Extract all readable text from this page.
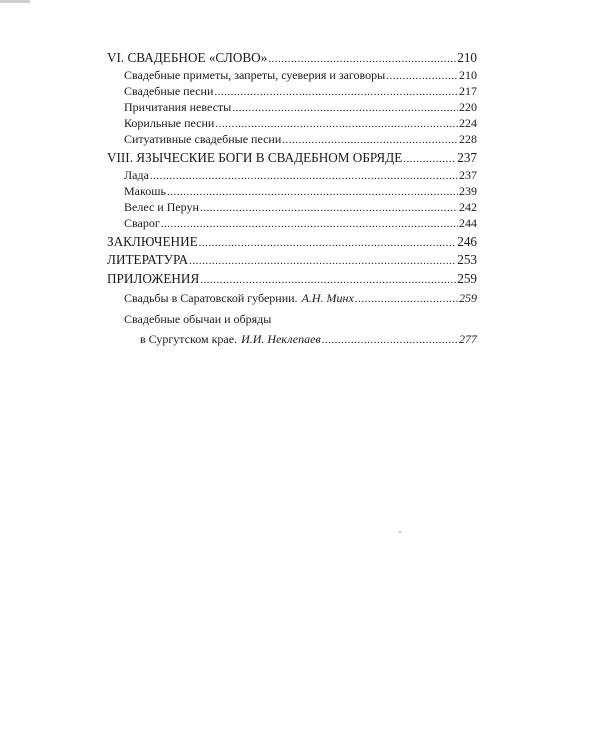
VI. СВАДЕБНОЕ «СЛОВО» .....	210
Свадебные приметы, запреты, суеверия и заговоры .....	210
Свадебные песни .....	217
Причитания невесты .....	220
Корильные песни .....	224
Ситуативные свадебные песни .....	228
VIII. ЯЗЫЧЕСКИЕ БОГИ В СВАДЕБНОМ ОБРЯДЕ .....	237
Лада .....	237
Макошь .....	239
Велес и Перун .....	242
Сварог .....	244
ЗАКЛЮЧЕНИЕ .....	246
ЛИТЕРАТУРА .....	253
ПРИЛОЖЕНИЯ .....	259
Свадьбы в Саратовской губернии. А.Н. Минх .....	259
Свадебные обычаи и обряды
в Сургутском крае. И.И. Неклепаев .....	277
